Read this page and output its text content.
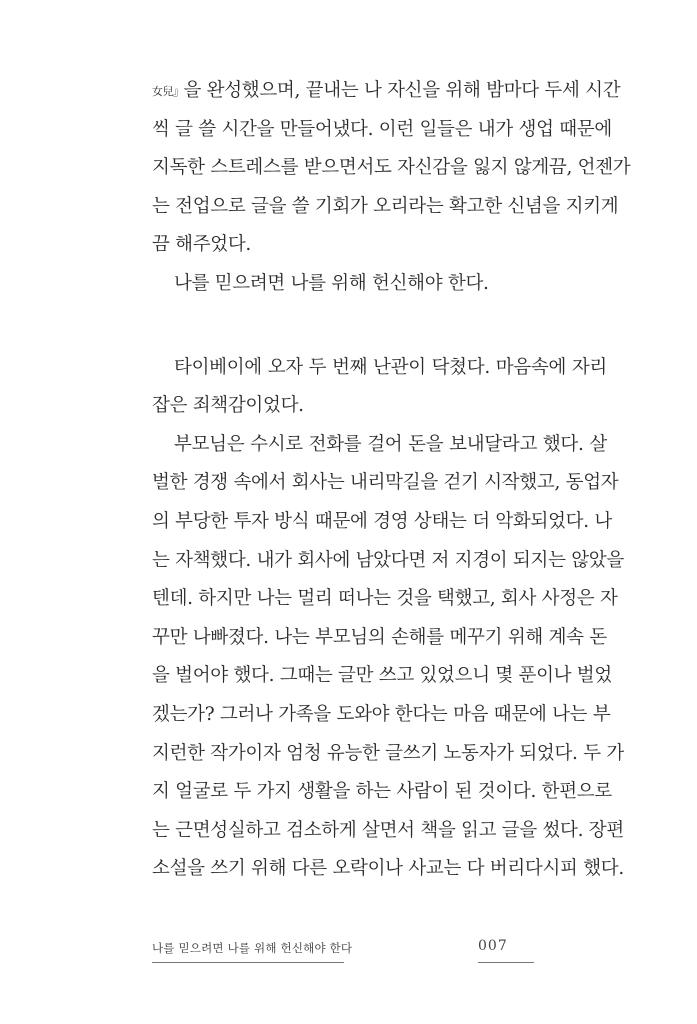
女兒』을 완성했으며, 끝내는 나 자신을 위해 밤마다 두세 시간
씩 글 쓸 시간을 만들어냈다. 이런 일들은 내가 생업 때문에
지독한 스트레스를 받으면서도 자신감을 잃지 않게끔, 언젠가
는 전업으로 글을 쓸 기회가 오리라는 확고한 신념을 지키게
끔 해주었다.
나를 믿으려면 나를 위해 헌신해야 한다.
타이베이에 오자 두 번째 난관이 닥쳤다. 마음속에 자리
잡은 죄책감이었다.
부모님은 수시로 전화를 걸어 돈을 보내달라고 했다. 살
벌한 경쟁 속에서 회사는 내리막길을 걷기 시작했고, 동업자
의 부당한 투자 방식 때문에 경영 상태는 더 악화되었다. 나
는 자책했다. 내가 회사에 남았다면 저 지경이 되지는 않았을
텐데. 하지만 나는 멀리 떠나는 것을 택했고, 회사 사정은 자
꾸만 나빠졌다. 나는 부모님의 손해를 메꾸기 위해 계속 돈
을 벌어야 했다. 그때는 글만 쓰고 있었으니 몇 푼이나 벌었
겠는가? 그러나 가족을 도와야 한다는 마음 때문에 나는 부
지런한 작가이자 엄청 유능한 글쓰기 노동자가 되었다. 두 가
지 얼굴로 두 가지 생활을 하는 사람이 된 것이다. 한편으로
는 근면성실하고 검소하게 살면서 책을 읽고 글을 썼다. 장편
소설을 쓰기 위해 다른 오락이나 사교는 다 버리다시피 했다.
나를 믿으려면 나를 위해 헌신해야 한다	007
